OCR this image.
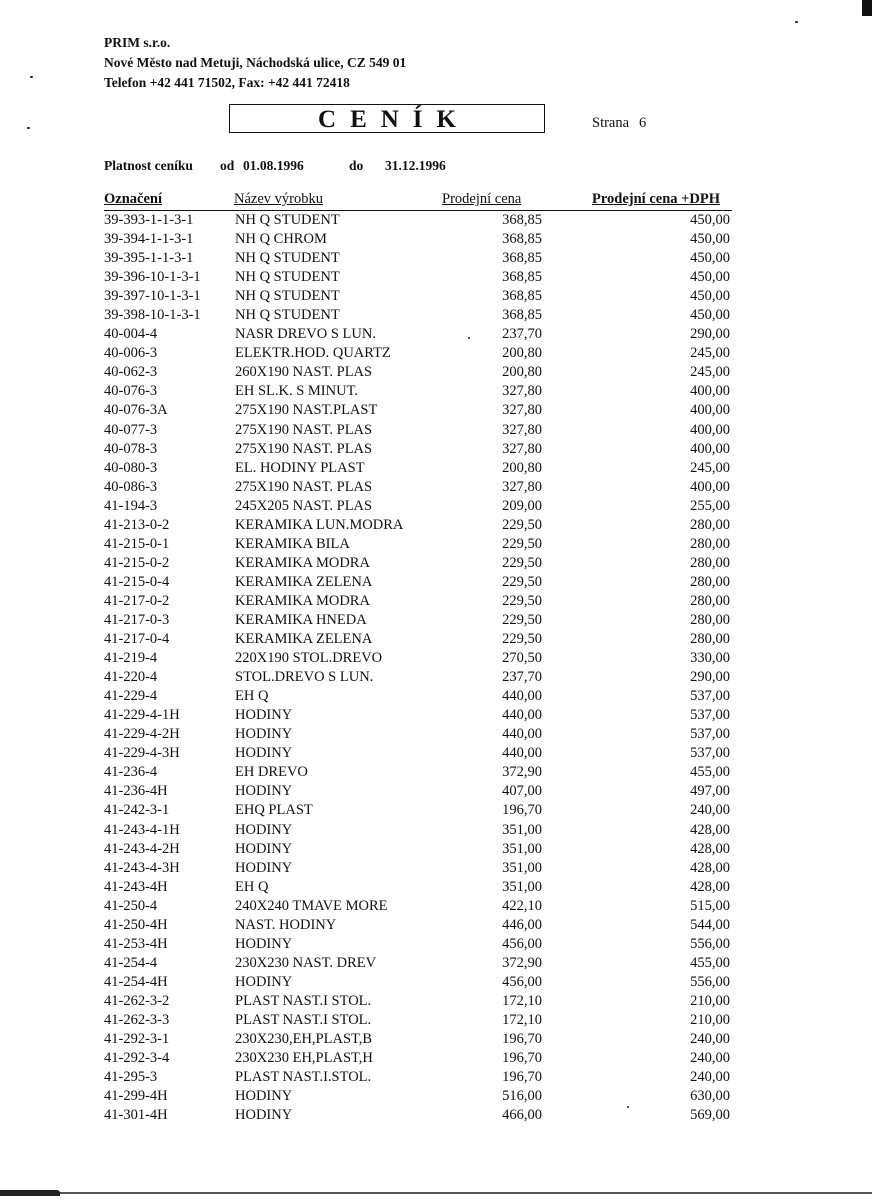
PRIM s.r.o.
Nové Město nad Metuji, Náchodská ulice, CZ 549 01
Telefon +42 441 71502, Fax: +42 441 72418
CENÍK	Strana 6
Platnost ceníku od 01.08.1996	do 31.12.1996
Označení	Název výrobku	Prodejní cena	Prodejní cena +DPH
39-393-1-1-3-1	NH Q STUDENT	368,85	450,00
39-394-1-1-3-1	NH Q CHROM	368,85	450,00
39-395-1-1-3-1	NH Q STUDENT	368,85	450,00
39-396-10-1-3-1 NH Q STUDENT	368,85	450,00
39-397-10-1-3-1 NH Q STUDENT	368,85	450,00
39-398-10-1-3-1 NH Q STUDENT	368,85	450,00
40-004-4	NASR DREVO S LUN.	237,70	290,00
40-006-3	ELEKTR.HOD. QUARTZ	200,80	245,00
40-062-3	260X190 NAST. PLAS	200,80	245,00
40-076-3	EH SL.K. S MINUT.	327,80	400,00
40-076-3A	275X190 NAST.PLAST	327,80	400,00
40-077-3	275X190 NAST. PLAS	327,80	400,00
40-078-3	275X190 NAST. PLAS	327,80	400,00
40-080-3	EL. HODINY PLAST	200,80	245,00
40-086-3	275X190 NAST. PLAS	327,80	400,00
41-194-3	245X205 NAST. PLAS	209,00	255,00
41-213-0-2	KERAMIKA LUN.MODRA	229,50	280,00
41-215-0-1	KERAMIKA BILA	229,50	280,00
41-215-0-2	KERAMIKA MODRA	229,50	280,00
41-215-0-4	KERAMIKA ZELENA	229,50	280,00
41-217-0-2	KERAMIKA MODRA	229,50	280,00
41-217-0-3	KERAMIKA HNEDA	229,50	280,00
41-217-0-4	KERAMIKA ZELENA	229,50	280,00
41-219-4	220X190 STOL.DREVO	270,50	330,00
41-220-4	STOL.DREVO S LUN.	237,70	290,00
41-229-4	EH Q	440,00	537,00
41-229-4-1H	HODINY	440,00	537,00
41-229-4-2H	HODINY	440,00	537,00
41-229-4-3H	HODINY	440,00	537,00
41-236-4	EH DREVO	372,90	455,00
41-236-4H	HODINY	407,00	497,00
41-242-3-1	EHQ PLAST	196,70	240,00
41-243-4-1H	HODINY	351,00	428,00
41-243-4-2H	HODINY	351,00	428,00
41-243-4-3H	HODINY	351,00	428,00
41-243-4H	EH Q	351,00	428,00
41-250-4	240X240 TMAVE MORE	422,10	515,00
41-250-4H	NAST. HODINY	446,00	544,00
41-253-4H	HODINY	456,00	556,00
41-254-4	230X230 NAST. DREV	372,90	455,00
41-254-4H	HODINY	456,00	556,00
41-262-3-2	PLAST NAST.I STOL.	172,10	210,00
41-262-3-3	PLAST NAST.I STOL.	172,10	210,00
41-292-3-1	230X230,EH,PLAST,B	196,70	240,00
41-292-3-4	230X230 EH,PLAST,H	196,70	240,00
41-295-3	PLAST NAST.I.STOL.	196,70	240,00
41-299-4H	HODINY	516,00	630,00
41-301-4H	HODINY	466,00	569,00
